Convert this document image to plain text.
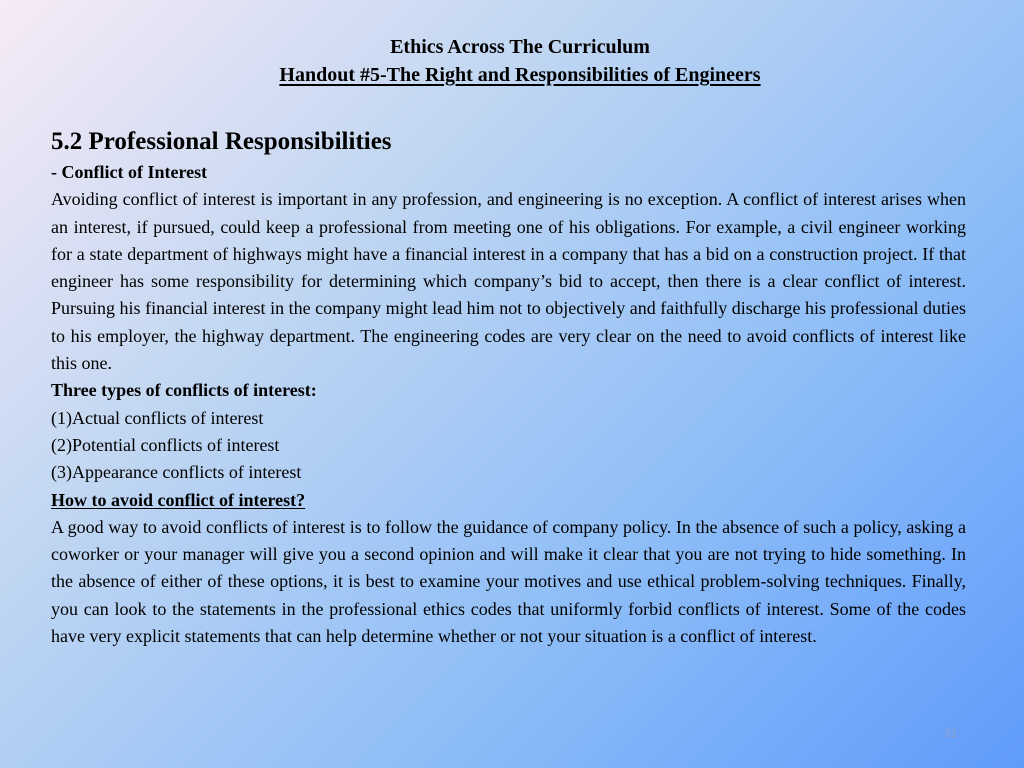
Ethics Across The Curriculum
Handout #5-The Right and Responsibilities of Engineers

5.2 Professional Responsibilities

- Conflict of Interest

Avoiding conflict of interest is important in any profession, and engineering is no exception. A conflict of interest arises when an interest, if pursued, could keep a professional from meeting one of his obligations. For example, a civil engineer working for a state department of highways might have a financial interest in a company that has a bid on a construction project. If that engineer has some responsibility for determining which company’s bid to accept, then there is a clear conflict of interest. Pursuing his financial interest in the company might lead him not to objectively and faithfully discharge his professional duties to his employer, the highway department. The engineering codes are very clear on the need to avoid conflicts of interest like this one.

Three types of conflicts of interest:

(1)Actual conflicts of interest

(2)Potential conflicts of interest

(3)Appearance conflicts of interest

How to avoid conflict of interest?

A good way to avoid conflicts of interest is to follow the guidance of company policy. In the absence of such a policy, asking a coworker or your manager will give you a second opinion and will make it clear that you are not trying to hide something. In the absence of either of these options, it is best to examine your motives and use ethical problem-solving techniques. Finally, you can look to the statements in the professional ethics codes that uniformly forbid conflicts of interest. Some of the codes have very explicit statements that can help determine whether or not your situation is a conflict of interest.

31
